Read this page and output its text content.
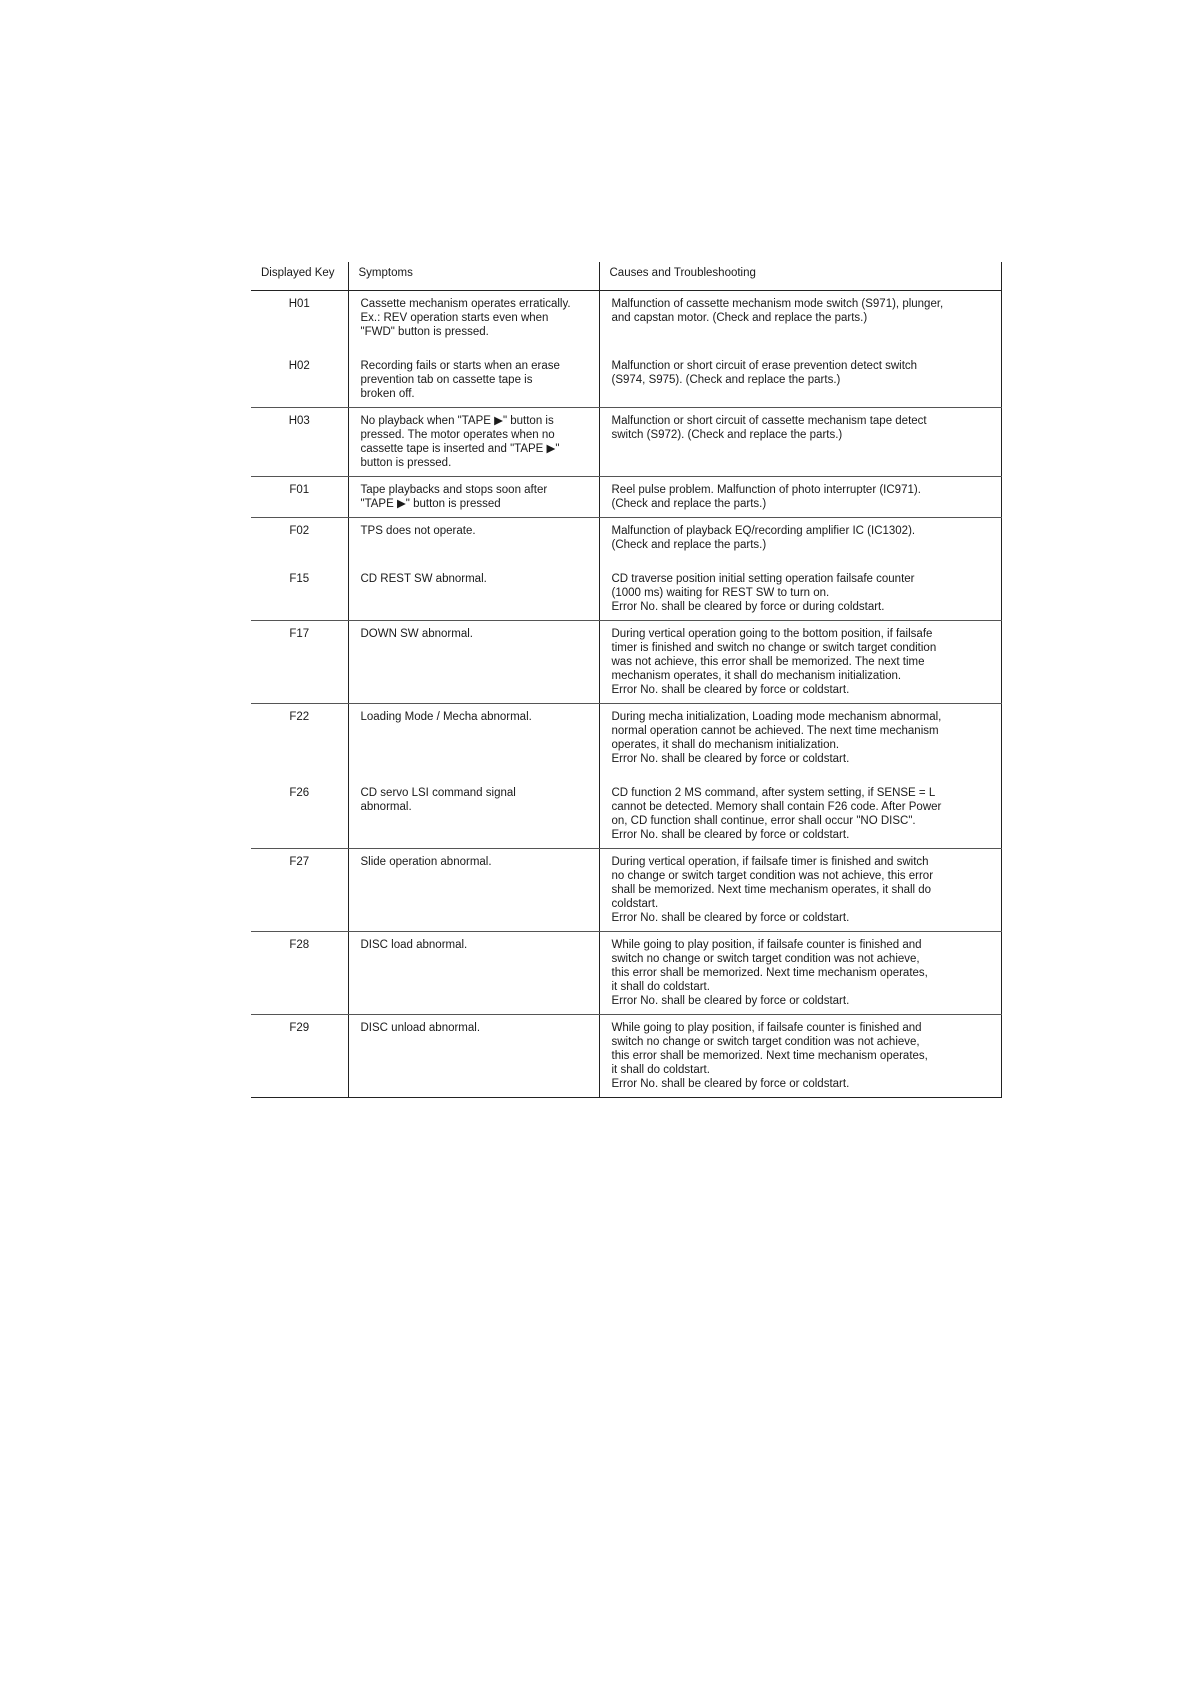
Displayed Key	Symptoms	Causes and Troubleshooting
H01	Cassette mechanism operates erratically.
Ex.: REV operation starts even when
"FWD" button is pressed.	Malfunction of cassette mechanism mode switch (S971), plunger,
and capstan motor. (Check and replace the parts.)

H02	Recording fails or starts when an erase
prevention tab on cassette tape is
broken off.	Malfunction or short circuit of erase prevention detect switch
(S974, S975). (Check and replace the parts.)

H03	No playback when "TAPE ▶" button is
pressed. The motor operates when no
cassette tape is inserted and "TAPE ▶"
button is pressed.	Malfunction or short circuit of cassette mechanism tape detect
switch (S972). (Check and replace the parts.)

F01	Tape playbacks and stops soon after
"TAPE ▶" button is pressed	Reel pulse problem. Malfunction of photo interrupter (IC971).
(Check and replace the parts.)

F02	TPS does not operate.	Malfunction of playback EQ/recording amplifier IC (IC1302).
(Check and replace the parts.)

F15	CD REST SW abnormal.	CD traverse position initial setting operation failsafe counter
(1000 ms) waiting for REST SW to turn on.
Error No. shall be cleared by force or during coldstart.

F17	DOWN SW abnormal.	During vertical operation going to the bottom position, if failsafe
timer is finished and switch no change or switch target condition
was not achieve, this error shall be memorized. The next time
mechanism operates, it shall do mechanism initialization.
Error No. shall be cleared by force or coldstart.

F22	Loading Mode / Mecha abnormal.	During mecha initialization, Loading mode mechanism abnormal,
normal operation cannot be achieved. The next time mechanism
operates, it shall do mechanism initialization.
Error No. shall be cleared by force or coldstart.

F26	CD servo LSI command signal
abnormal.	CD function 2 MS command, after system setting, if SENSE = L
cannot be detected. Memory shall contain F26 code. After Power
on, CD function shall continue, error shall occur "NO DISC".
Error No. shall be cleared by force or coldstart.

F27	Slide operation abnormal.	During vertical operation, if failsafe timer is finished and switch
no change or switch target condition was not achieve, this error
shall be memorized. Next time mechanism operates, it shall do
coldstart.
Error No. shall be cleared by force or coldstart.

F28	DISC load abnormal.	While going to play position, if failsafe counter is finished and
switch no change or switch target condition was not achieve,
this error shall be memorized. Next time mechanism operates,
it shall do coldstart.
Error No. shall be cleared by force or coldstart.

F29	DISC unload abnormal.	While going to play position, if failsafe counter is finished and
switch no change or switch target condition was not achieve,
this error shall be memorized. Next time mechanism operates,
it shall do coldstart.
Error No. shall be cleared by force or coldstart.
